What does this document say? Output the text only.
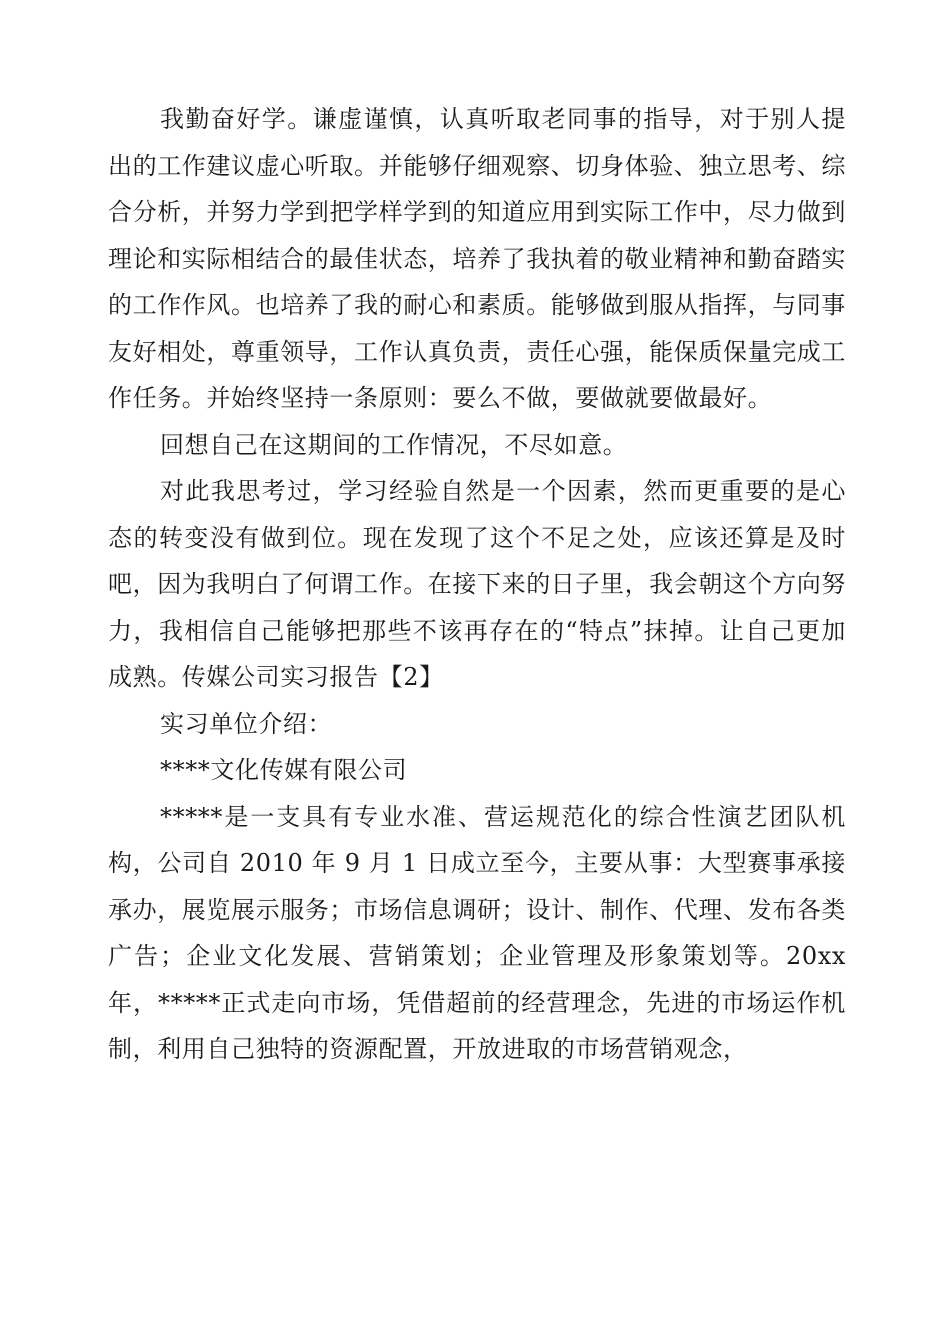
我勤奋好学。谦虚谨慎，认真听取老同事的指导，对于别人提出的工作建议虚心听取。并能够仔细观察、切身体验、独立思考、综合分析，并努力学到把学样学到的知道应用到实际工作中，尽力做到理论和实际相结合的最佳状态，培养了我执着的敬业精神和勤奋踏实的工作作风。也培养了我的耐心和素质。能够做到服从指挥，与同事友好相处，尊重领导，工作认真负责，责任心强，能保质保量完成工作任务。并始终坚持一条原则：要么不做，要做就要做最好。

回想自己在这期间的工作情况，不尽如意。

对此我思考过，学习经验自然是一个因素，然而更重要的是心态的转变没有做到位。现在发现了这个不足之处，应该还算是及时吧，因为我明白了何谓工作。在接下来的日子里，我会朝这个方向努力，我相信自己能够把那些不该再存在的“特点”抹掉。让自己更加成熟。传媒公司实习报告【2】

实习单位介绍：

****文化传媒有限公司

*****是一支具有专业水准、营运规范化的综合性演艺团队机构，公司自 2010 年 9 月 1 日成立至今，主要从事：大型赛事承接承办，展览展示服务；市场信息调研；设计、制作、代理、发布各类广告；企业文化发展、营销策划；企业管理及形象策划等。20xx 年，*****正式走向市场，凭借超前的经营理念，先进的市场运作机制，利用自己独特的资源配置，开放进取的市场营销观念，
